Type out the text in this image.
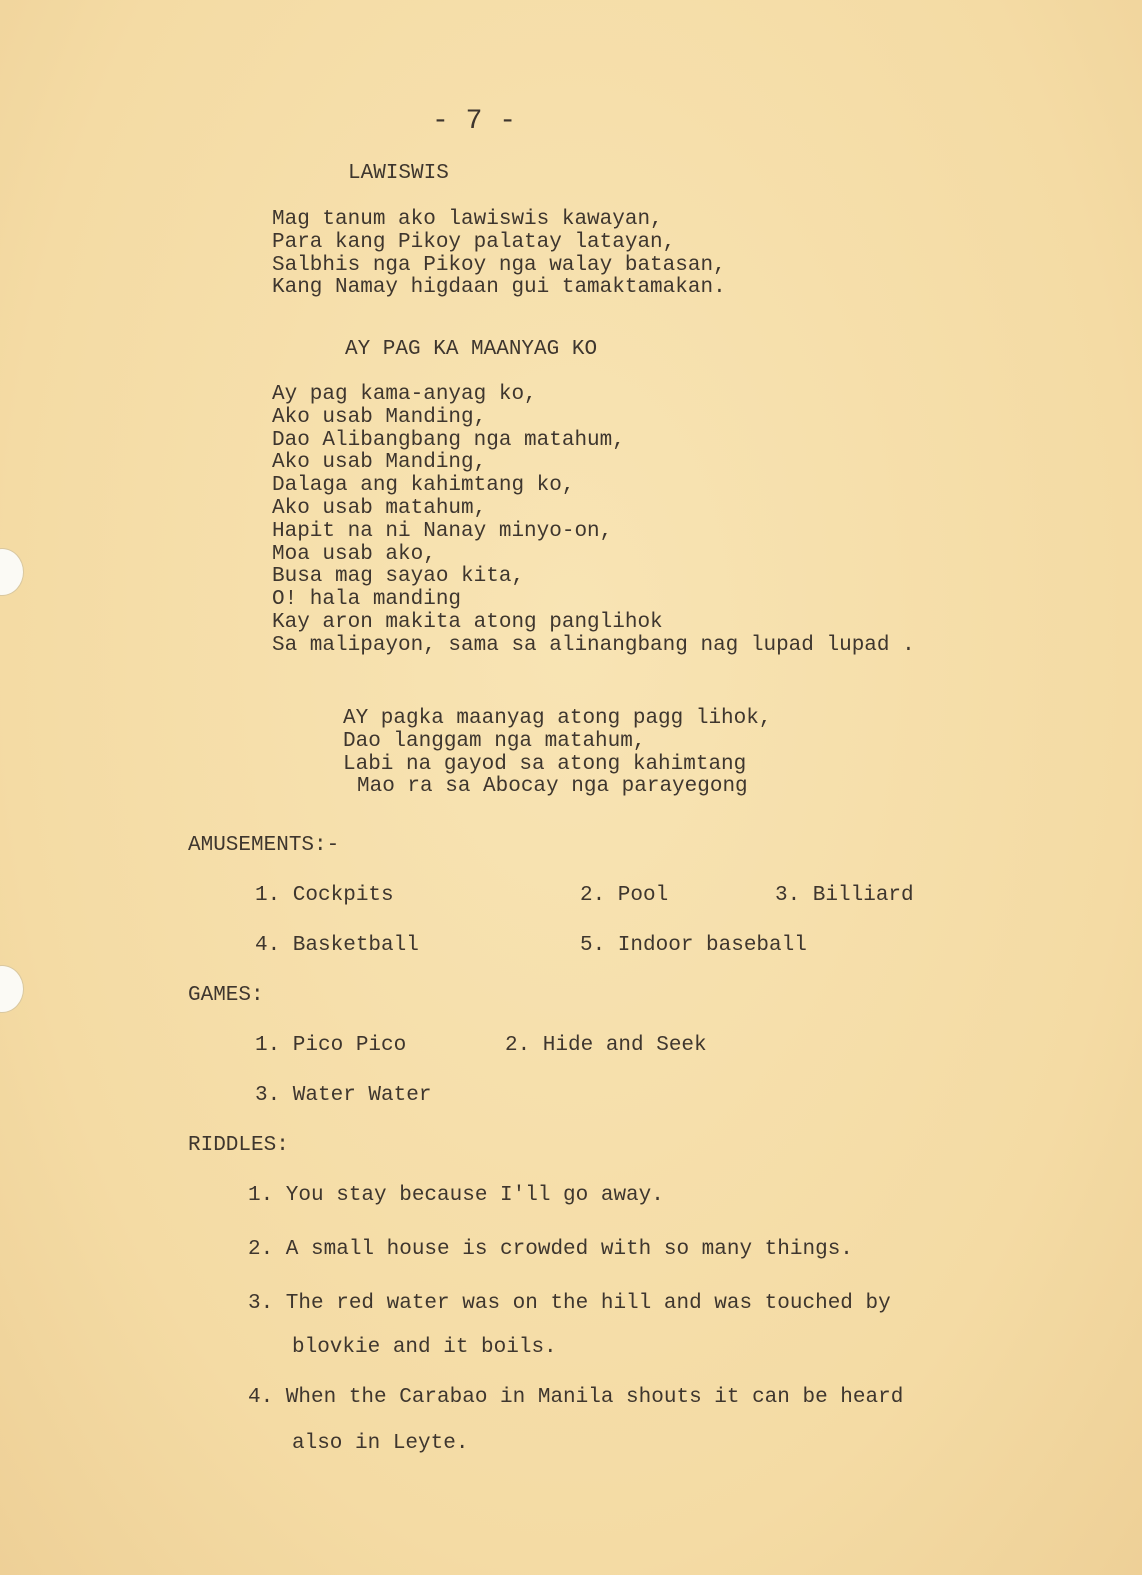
- 7 -
LAWISWIS
Mag tanum ako lawiswis kawayan,
Para kang Pikoy palatay latayan,
Salbhis nga Pikoy nga walay batasan,
Kang Namay higdaan gui tamaktamakan.
AY PAG KA MAANYAG KO
Ay pag kama-anyag ko,
Ako usab Manding,
Dao Alibangbang nga matahum,
Ako usab Manding,
Dalaga ang kahimtang ko,
Ako usab matahum,
Hapit na ni Nanay minyo-on,
Moa usab ako,
Busa mag sayao kita,
O! hala manding
Kay aron makita atong panglihok
Sa malipayon, sama sa alinangbang nag lupad lupad .
AY pagka maanyag atong pagg lihok,
Dao langgam nga matahum,
Labi na gayod sa atong kahimtang
Mao ra sa Abocay nga parayegong
AMUSEMENTS:-
1. Cockpits	2. Pool	3. Billiard
4. Basketball	5. Indoor baseball
GAMES:
1. Pico Pico	2. Hide and Seek
3. Water Water
RIDDLES:
1. You stay because I'll go away.
2. A small house is crowded with so many things.
3. The red water was on the hill and was touched by
blovkie and it boils.
4. When the Carabao in Manila shouts it can be heard
also in Leyte.
